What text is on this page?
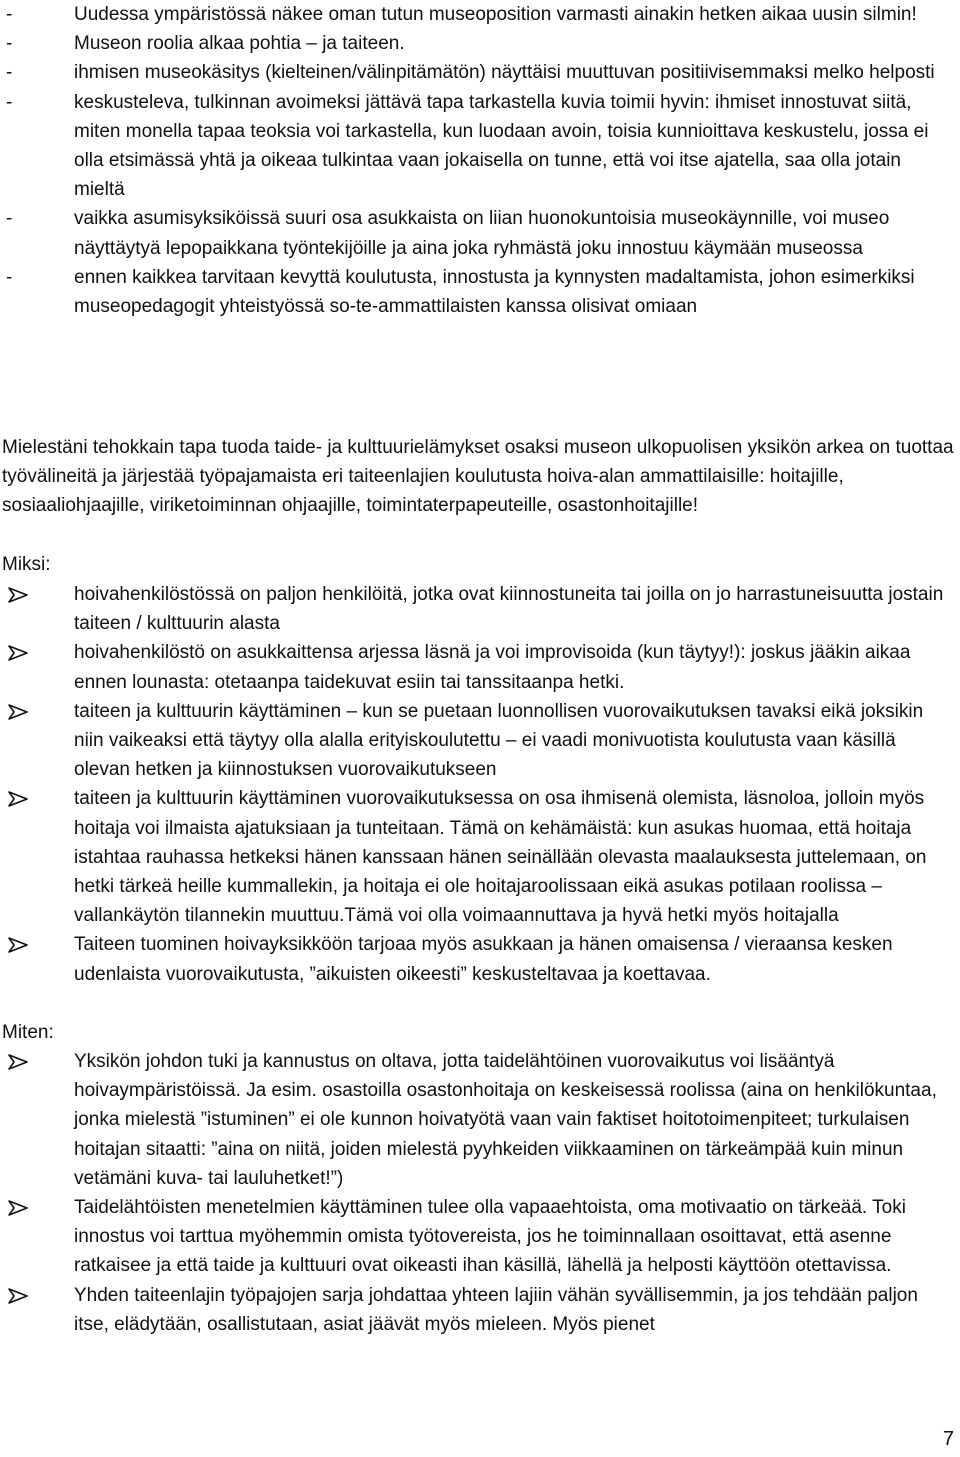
-	Uudessa ympäristössä näkee oman tutun museoposition varmasti ainakin hetken aikaa uusin silmin!
-	Museon roolia alkaa pohtia – ja taiteen.
-	ihmisen museokäsitys (kielteinen/välinpitämätön) näyttäisi muuttuvan positiivisemmaksi melko helposti
-	keskusteleva, tulkinnan avoimeksi jättävä tapa tarkastella kuvia toimii hyvin: ihmiset innostuvat siitä, miten monella tapaa teoksia voi tarkastella, kun luodaan avoin, toisia kunnioittava keskustelu, jossa ei olla etsimässä yhtä ja oikeaa tulkintaa vaan jokaisella on tunne, että voi itse ajatella, saa olla jotain mieltä
-	vaikka asumisyksiköissä suuri osa asukkaista on liian huonokuntoisia museokäynnille, voi museo näyttäytyä lepopaikkana työntekijöille ja aina joka ryhmästä joku innostuu käymään museossa
-	ennen kaikkea tarvitaan kevyttä koulutusta, innostusta ja kynnysten madaltamista, johon esimerkiksi museopedagogit yhteistyössä so-te-ammattilaisten kanssa olisivat omiaan
Mielestäni tehokkain tapa tuoda taide- ja kulttuurielämykset osaksi museon ulkopuolisen yksikön arkea on tuottaa työvälineitä ja järjestää työpajamaista eri taiteenlajien koulutusta hoiva-alan ammattilaisille: hoitajille, sosiaaliohjaajille, viriketoiminnan ohjaajille, toimintaterpapeuteille, osastonhoitajille!
Miksi:
hoivahenkilöstössä on paljon henkilöitä, jotka ovat kiinnostuneita tai joilla on jo harrastuneisuutta jostain taiteen / kulttuurin alasta
hoivahenkilöstö on asukkaittensa arjessa läsnä ja voi improvisoida (kun täytyy!): joskus jääkin aikaa ennen lounasta: otetaanpa taidekuvat esiin tai tanssitaanpa hetki.
taiteen ja kulttuurin käyttäminen – kun se puetaan luonnollisen vuorovaikutuksen tavaksi eikä joksikin niin vaikeaksi että täytyy olla alalla erityiskoulutettu – ei vaadi monivuotista koulutusta vaan käsillä olevan hetken ja kiinnostuksen vuorovaikutukseen
taiteen ja kulttuurin käyttäminen vuorovaikutuksessa on osa ihmisenä olemista, läsnoloa, jolloin myös hoitaja voi ilmaista ajatuksiaan ja tunteitaan. Tämä on kehämäistä: kun asukas huomaa, että hoitaja istahtaa rauhassa hetkeksi hänen kanssaan hänen seinällään olevasta maalauksesta juttelemaan, on hetki tärkeä heille kummallekin, ja hoitaja ei ole hoitajaroolissaan eikä asukas potilaan roolissa – vallankäytön tilannekin muuttuu.Tämä voi olla voimaannuttava ja hyvä hetki myös hoitajalla
Taiteen tuominen hoivayksikköön tarjoaa myös asukkaan ja hänen omaisensa / vieraansa kesken udenlaista vuorovaikutusta, ”aikuisten oikeesti” keskusteltavaa ja koettavaa.
Miten:
Yksikön johdon tuki ja kannustus on oltava, jotta taidelähtöinen vuorovaikutus voi lisääntyä hoivaympäristöissä. Ja esim. osastoilla osastonhoitaja on keskeisessä roolissa (aina on henkilökuntaa, jonka mielestä ”istuminen” ei ole kunnon hoivatyötä vaan vain faktiset hoitotoimenpiteet; turkulaisen hoitajan sitaatti: ”aina on niitä, joiden mielestä pyyhkeiden viikkaaminen on tärkeämpää kuin minun vetämäni kuva- tai lauluhetket!”)
Taidelähtöisten menetelmien käyttäminen tulee olla vapaaehtoista, oma motivaatio on tärkeää. Toki innostus voi tarttua myöhemmin omista työtovereista, jos he toiminnallaan osoittavat, että asenne ratkaisee ja että taide ja kulttuuri ovat oikeasti ihan käsillä, lähellä ja helposti käyttöön otettavissa.
Yhden taiteenlajin työpajojen sarja johdattaa yhteen lajiin vähän syvällisemmin, ja jos tehdään paljon itse, elädytään, osallistutaan, asiat jäävät myös mieleen. Myös pienet
7
